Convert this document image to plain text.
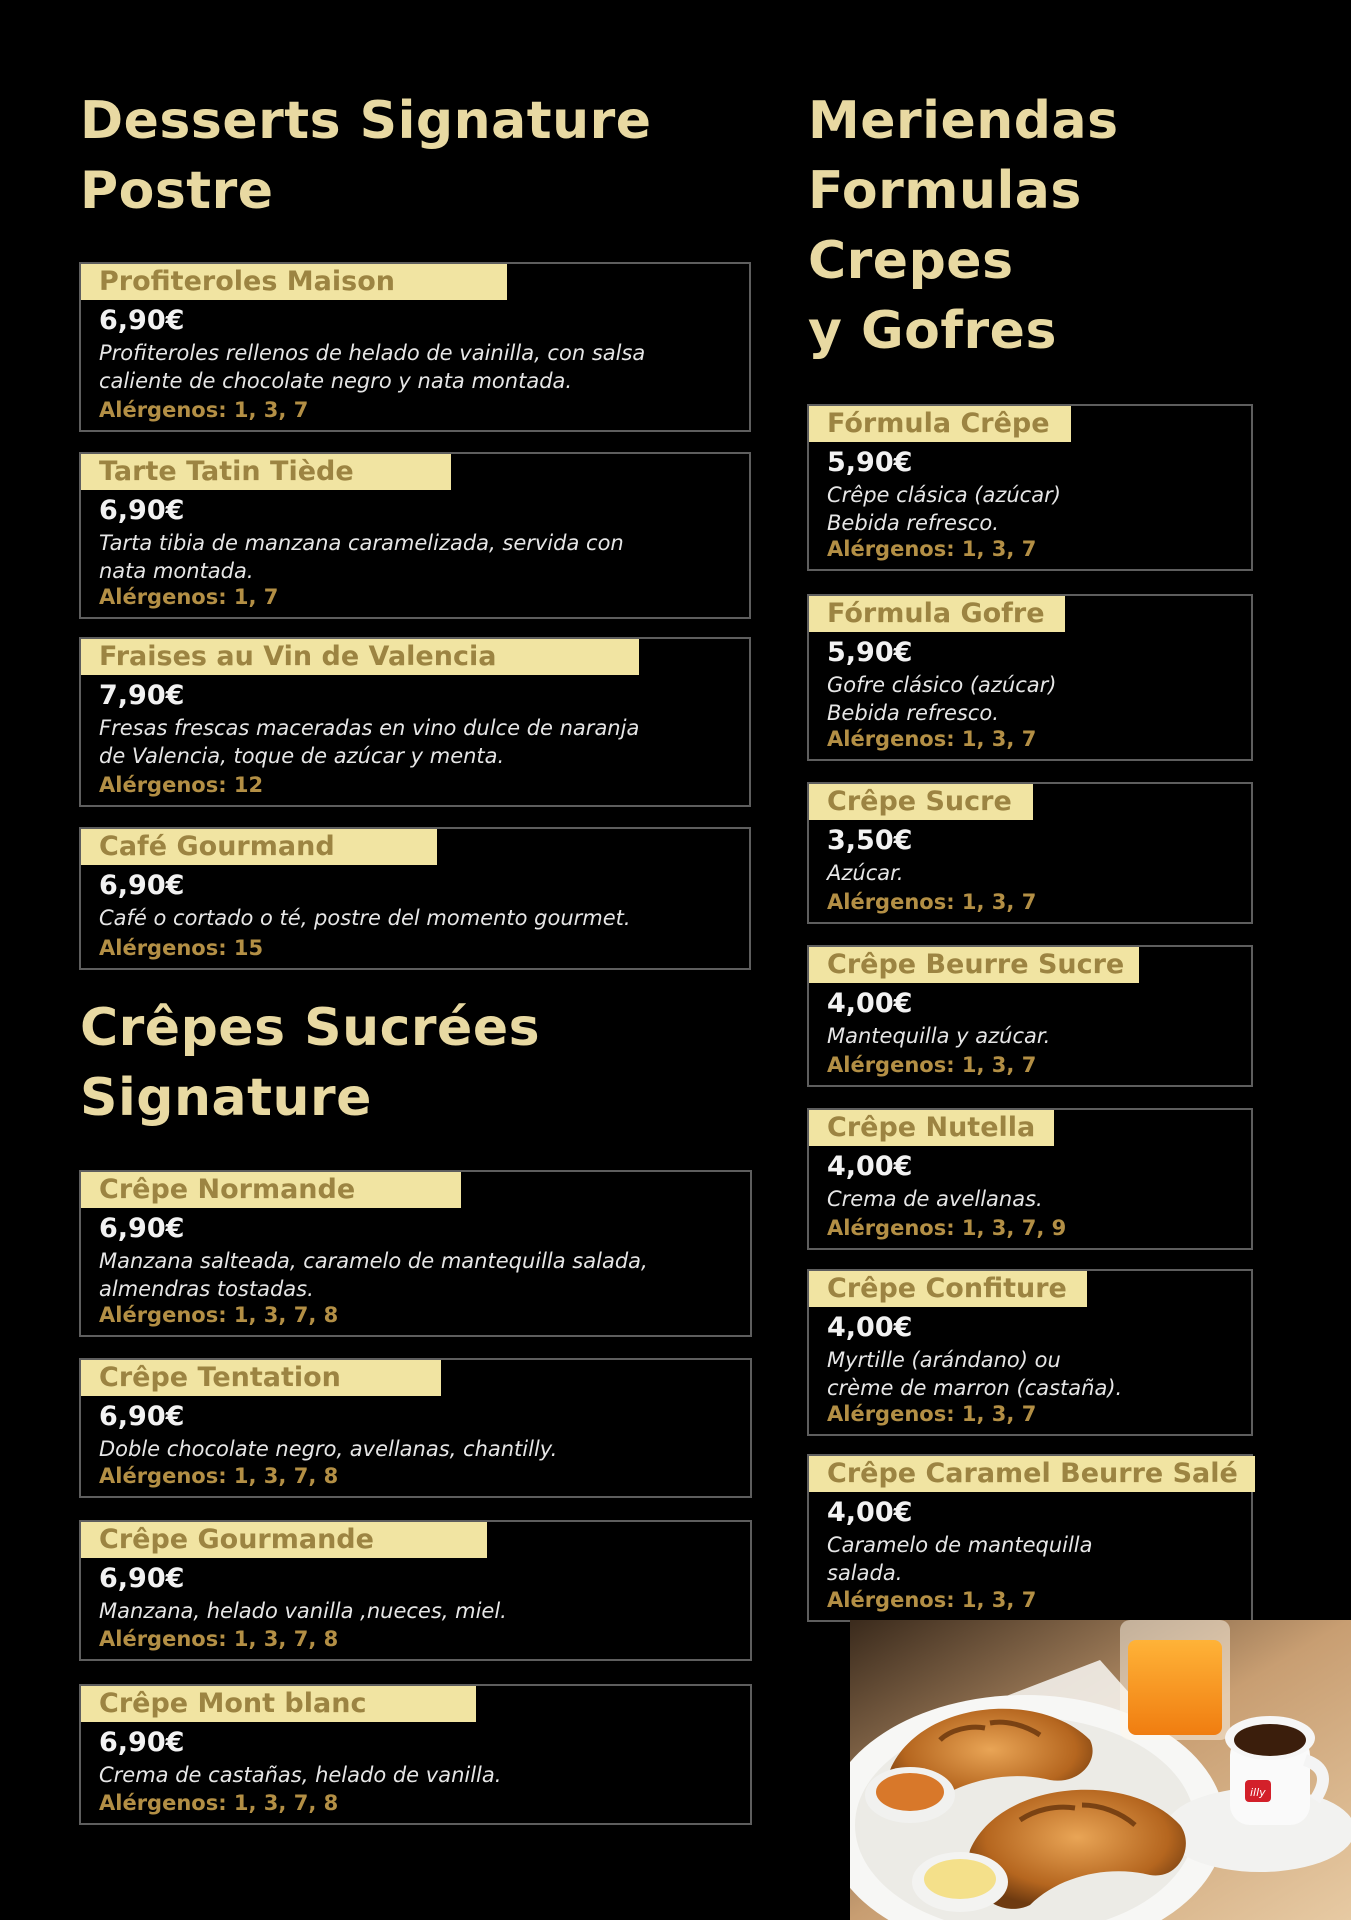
Desserts Signature
Postre
Profiteroles Maison
6,90€
Profiteroles rellenos de helado de vainilla, con salsa
caliente de chocolate negro y nata montada.
Alérgenos: 1, 3, 7
Tarte Tatin Tiède
6,90€
Tarta tibia de manzana caramelizada, servida con
nata montada.
Alérgenos: 1, 7
Fraises au Vin de Valencia
7,90€
Fresas frescas maceradas en vino dulce de naranja
de Valencia, toque de azúcar y menta.
Alérgenos: 12
Café Gourmand
6,90€
Café o cortado o té, postre del momento gourmet.
Alérgenos: 15
Crêpes Sucrées
Signature
Crêpe Normande
6,90€
Manzana salteada, caramelo de mantequilla salada,
almendras tostadas.
Alérgenos: 1, 3, 7, 8
Crêpe Tentation
6,90€
Doble chocolate negro, avellanas, chantilly.
Alérgenos: 1, 3, 7, 8
Crêpe Gourmande
6,90€
Manzana, helado vanilla ,nueces, miel.
Alérgenos: 1, 3, 7, 8
Crêpe Mont blanc
6,90€
Crema de castañas, helado de vanilla.
Alérgenos: 1, 3, 7, 8
Meriendas
Formulas
Crepes
y Gofres
Fórmula Crêpe
5,90€
Crêpe clásica (azúcar)
Bebida refresco.
Alérgenos: 1, 3, 7
Fórmula Gofre
5,90€
Gofre clásico (azúcar)
Bebida refresco.
Alérgenos: 1, 3, 7
Crêpe Sucre
3,50€
Azúcar.
Alérgenos: 1, 3, 7
Crêpe Beurre Sucre
4,00€
Mantequilla y azúcar.
Alérgenos: 1, 3, 7
Crêpe Nutella
4,00€
Crema de avellanas.
Alérgenos: 1, 3, 7, 9
Crêpe Confiture
4,00€
Myrtille (arándano) ou
crème de marron (castaña).
Alérgenos: 1, 3, 7
Crêpe Caramel Beurre Salé
4,00€
Caramelo de mantequilla
salada.
Alérgenos: 1, 3, 7
illy
